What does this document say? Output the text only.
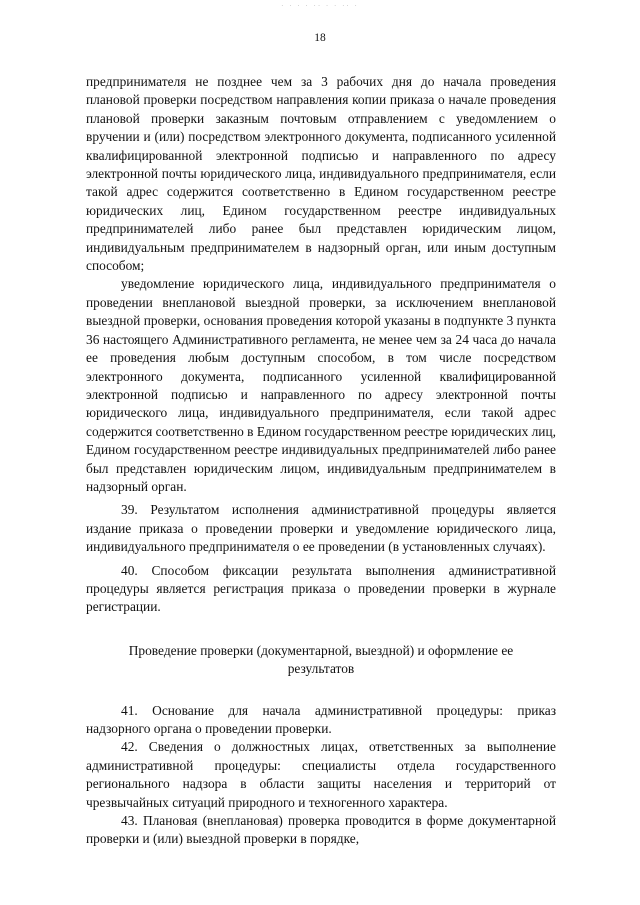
· · · · ·· · · ·· ·
18

предпринимателя не позднее чем за 3 рабочих дня до начала проведения плановой проверки посредством направления копии приказа о начале проведения плановой проверки заказным почтовым отправлением с уведомлением о вручении и (или) посредством электронного документа, подписанного усиленной квалифицированной электронной подписью и направленного по адресу электронной почты юридического лица, индивидуального предпринимателя, если такой адрес содержится соответственно в Едином государственном реестре юридических лиц, Едином государственном реестре индивидуальных предпринимателей либо ранее был представлен юридическим лицом, индивидуальным предпринимателем в надзорный орган, или иным доступным способом;

уведомление юридического лица, индивидуального предпринимателя о проведении внеплановой выездной проверки, за исключением внеплановой выездной проверки, основания проведения которой указаны в подпункте 3 пункта 36 настоящего Административного регламента, не менее чем за 24 часа до начала ее проведения любым доступным способом, в том числе посредством электронного документа, подписанного усиленной квалифицированной электронной подписью и направленного по адресу электронной почты юридического лица, индивидуального предпринимателя, если такой адрес содержится соответственно в Едином государственном реестре юридических лиц, Едином государственном реестре индивидуальных предпринимателей либо ранее был представлен юридическим лицом, индивидуальным предпринимателем в надзорный орган.

39. Результатом исполнения административной процедуры является издание приказа о проведении проверки и уведомление юридического лица, индивидуального предпринимателя о ее проведении (в установленных случаях).

40. Способом фиксации результата выполнения административной процедуры является регистрация приказа о проведении проверки в журнале регистрации.

Проведение проверки (документарной, выездной) и оформление ее результатов

41. Основание для начала административной процедуры: приказ надзорного органа о проведении проверки.

42. Сведения о должностных лицах, ответственных за выполнение административной процедуры: специалисты отдела государственного регионального надзора в области защиты населения и территорий от чрезвычайных ситуаций природного и техногенного характера.

43. Плановая (внеплановая) проверка проводится в форме документарной проверки и (или) выездной проверки в порядке,
